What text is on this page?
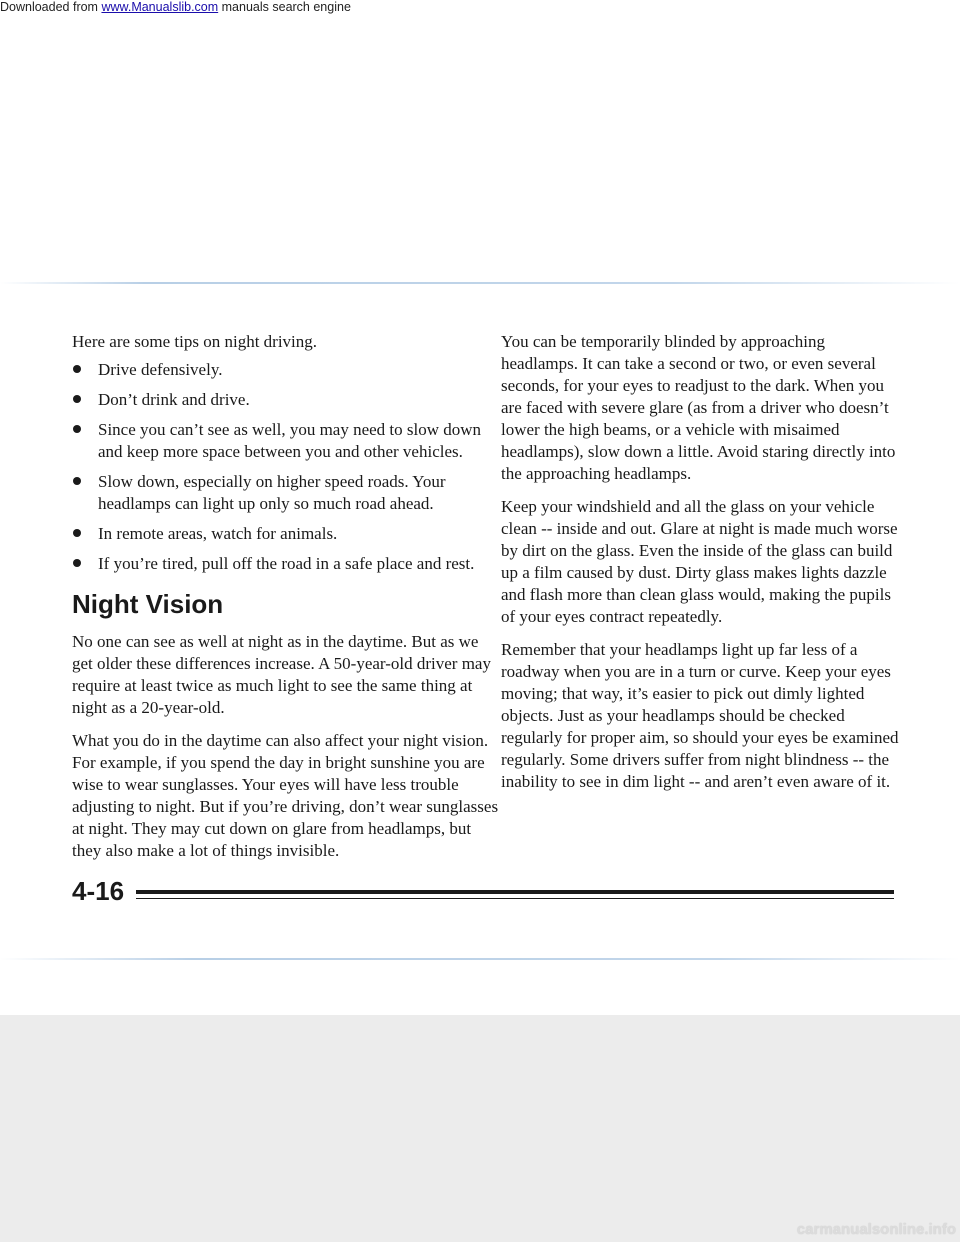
Downloaded from www.Manualslib.com manuals search engine

Here are some tips on night driving.

Drive defensively.
Don’t drink and drive.
Since you can’t see as well, you may need to slow down and keep more space between you and other vehicles.
Slow down, especially on higher speed roads. Your headlamps can light up only so much road ahead.
In remote areas, watch for animals.
If you’re tired, pull off the road in a safe place and rest.
Night Vision

No one can see as well at night as in the daytime. But as we get older these differences increase. A 50-year-old driver may require at least twice as much light to see the same thing at night as a 20-year-old.

What you do in the daytime can also affect your night vision. For example, if you spend the day in bright sunshine you are wise to wear sunglasses. Your eyes will have less trouble adjusting to night. But if you’re driving, don’t wear sunglasses at night. They may cut down on glare from headlamps, but they also make a lot of things invisible.

You can be temporarily blinded by approaching headlamps. It can take a second or two, or even several seconds, for your eyes to readjust to the dark. When you are faced with severe glare (as from a driver who doesn’t lower the high beams, or a vehicle with misaimed headlamps), slow down a little. Avoid staring directly into the approaching headlamps.

Keep your windshield and all the glass on your vehicle clean -- inside and out. Glare at night is made much worse by dirt on the glass. Even the inside of the glass can build up a film caused by dust. Dirty glass makes lights dazzle and flash more than clean glass would, making the pupils of your eyes contract repeatedly.

Remember that your headlamps light up far less of a roadway when you are in a turn or curve. Keep your eyes moving; that way, it’s easier to pick out dimly lighted objects. Just as your headlamps should be checked regularly for proper aim, so should your eyes be examined regularly. Some drivers suffer from night blindness -- the inability to see in dim light -- and aren’t even aware of it.

4-16
carmanualsonline.info
